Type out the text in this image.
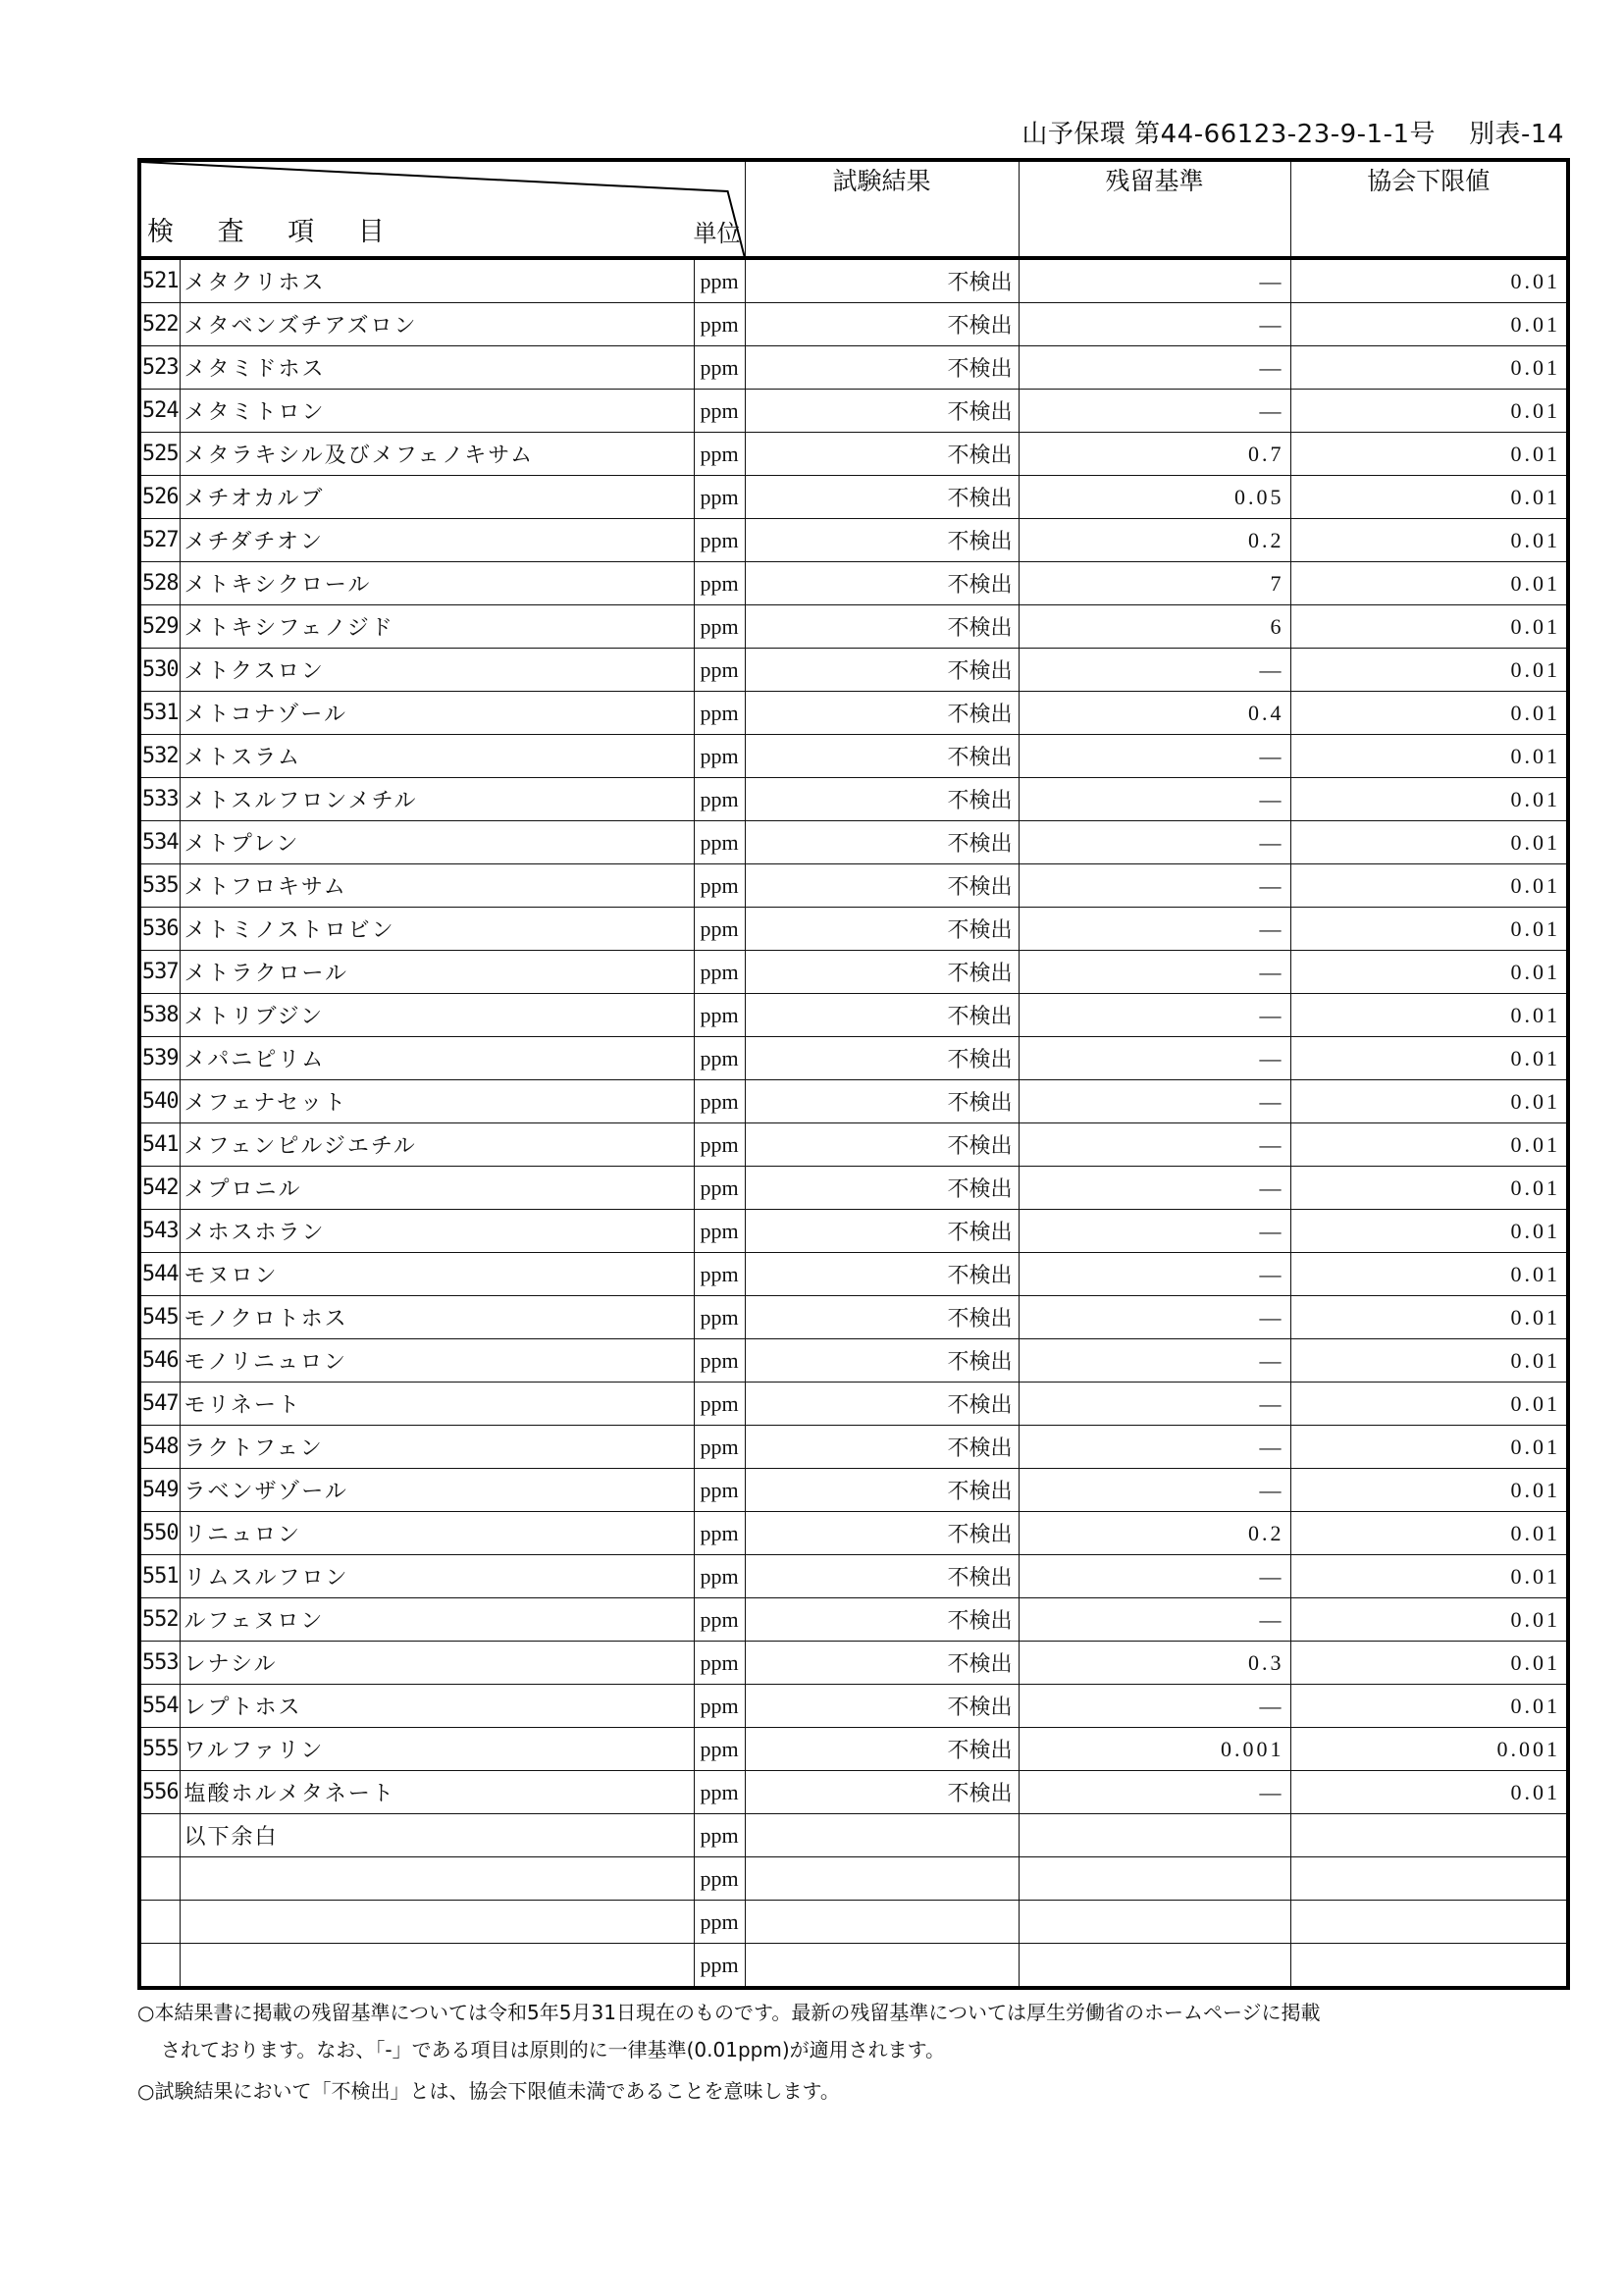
山予保環 第44-66123-23-9-1-1号 別表-14
検 査 項 目 単位			試験結果	残留基準	協会下限値
521	メタクリホス	ppm	不検出	—	0.01
522	メタベンズチアズロン	ppm	不検出	—	0.01
523	メタミドホス	ppm	不検出	—	0.01
524	メタミトロン	ppm	不検出	—	0.01
525	メタラキシル及びメフェノキサム	ppm	不検出	0.7	0.01
526	メチオカルブ	ppm	不検出	0.05	0.01
527	メチダチオン	ppm	不検出	0.2	0.01
528	メトキシクロール	ppm	不検出	7	0.01
529	メトキシフェノジド	ppm	不検出	6	0.01
530	メトクスロン	ppm	不検出	—	0.01
531	メトコナゾール	ppm	不検出	0.4	0.01
532	メトスラム	ppm	不検出	—	0.01
533	メトスルフロンメチル	ppm	不検出	—	0.01
534	メトプレン	ppm	不検出	—	0.01
535	メトフロキサム	ppm	不検出	—	0.01
536	メトミノストロビン	ppm	不検出	—	0.01
537	メトラクロール	ppm	不検出	—	0.01
538	メトリブジン	ppm	不検出	—	0.01
539	メパニピリム	ppm	不検出	—	0.01
540	メフェナセット	ppm	不検出	—	0.01
541	メフェンピルジエチル	ppm	不検出	—	0.01
542	メプロニル	ppm	不検出	—	0.01
543	メホスホラン	ppm	不検出	—	0.01
544	モヌロン	ppm	不検出	—	0.01
545	モノクロトホス	ppm	不検出	—	0.01
546	モノリニュロン	ppm	不検出	—	0.01
547	モリネート	ppm	不検出	—	0.01
548	ラクトフェン	ppm	不検出	—	0.01
549	ラベンザゾール	ppm	不検出	—	0.01
550	リニュロン	ppm	不検出	0.2	0.01
551	リムスルフロン	ppm	不検出	—	0.01
552	ルフェヌロン	ppm	不検出	—	0.01
553	レナシル	ppm	不検出	0.3	0.01
554	レプトホス	ppm	不検出	—	0.01
555	ワルファリン	ppm	不検出	0.001	0.001
556	塩酸ホルメタネート	ppm	不検出	—	0.01
	以下余白	ppm			
		ppm			
		ppm			
		ppm			

○本結果書に掲載の残留基準については令和5年5月31日現在のものです。最新の残留基準については厚生労働省のホームページに掲載

されております。なお、「-」である項目は原則的に一律基準(0.01ppm)が適用されます。

○試験結果において「不検出」とは、協会下限値未満であることを意味します。
